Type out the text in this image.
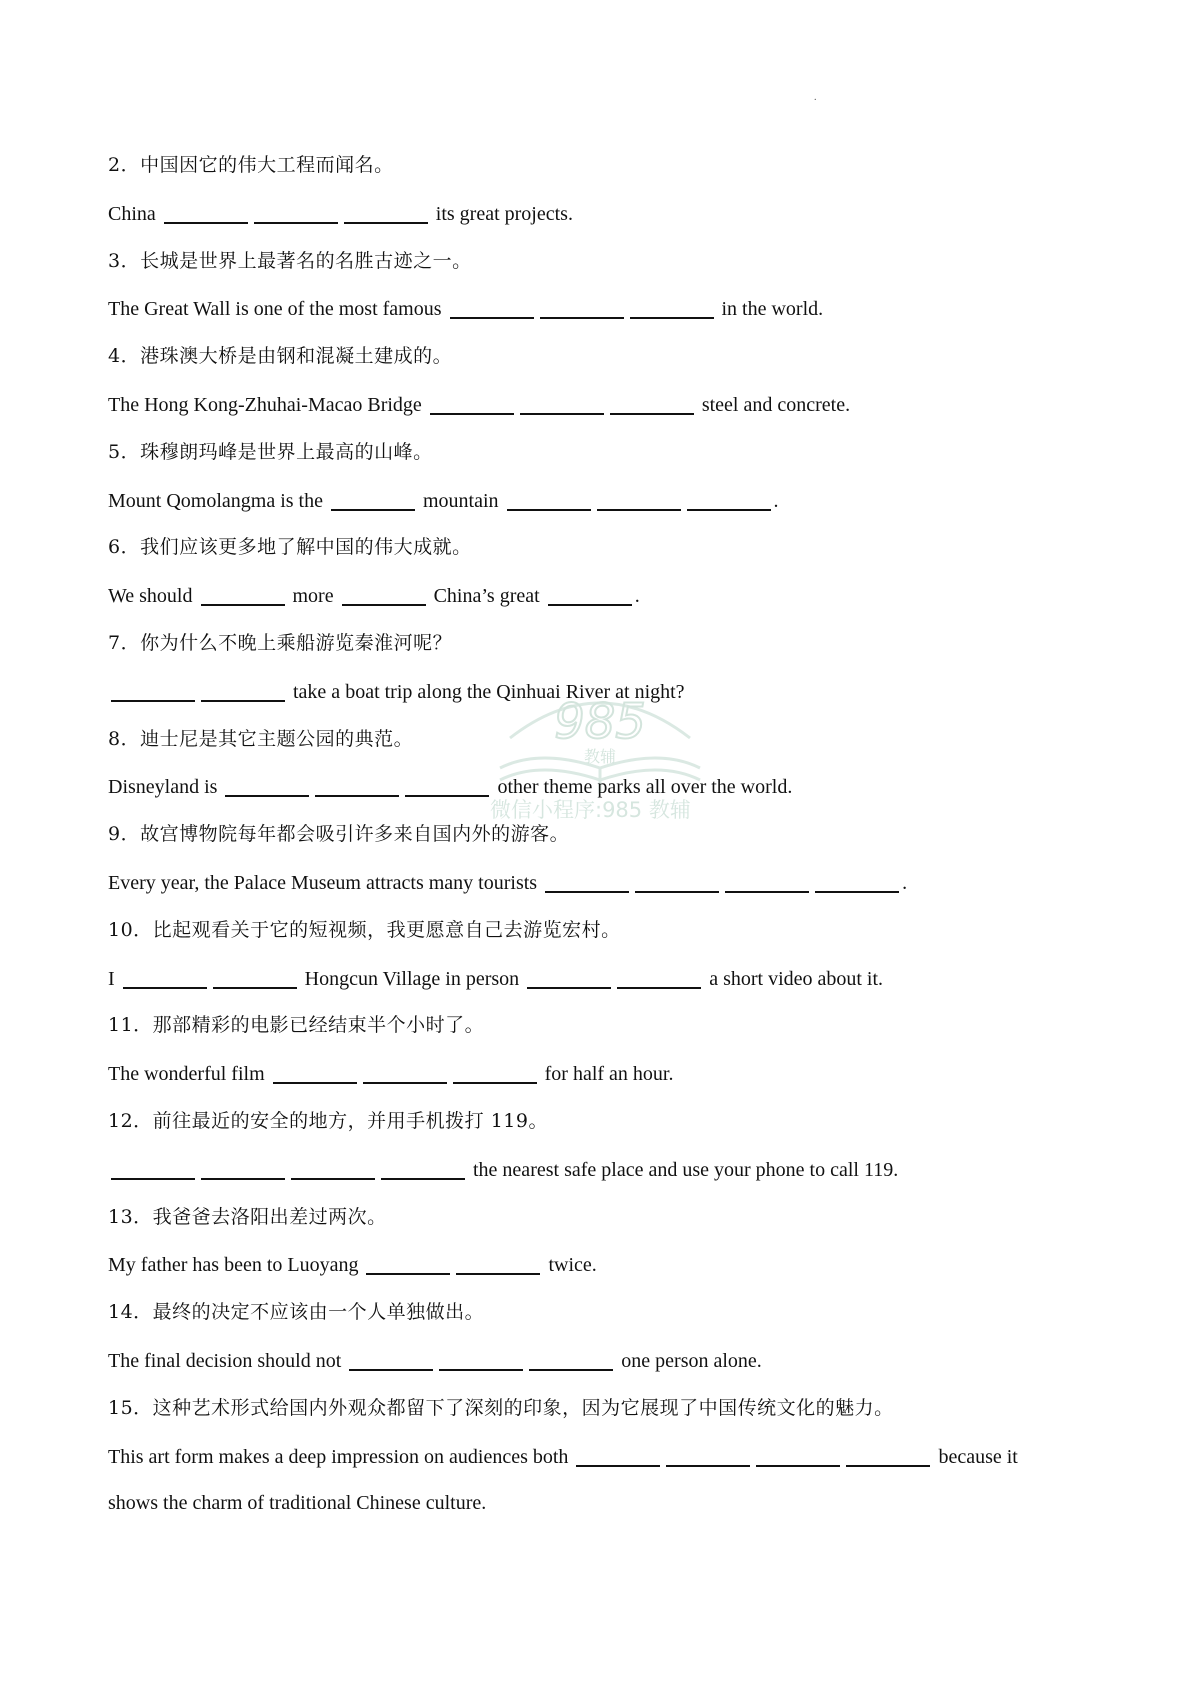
.
985
教辅
微信小程序:985 教辅
2．中国因它的伟大工程而闻名。
China	its great projects.
3．长城是世界上最著名的名胜古迹之一。
The Great Wall is one of the most famous	in the world.
4．港珠澳大桥是由钢和混凝土建成的。
The Hong Kong-Zhuhai-Macao Bridge	steel and concrete.
5．珠穆朗玛峰是世界上最高的山峰。
Mount Qomolangma is the	mountain	.
6．我们应该更多地了解中国的伟大成就。
We should	more	China’s great	.
7．你为什么不晚上乘船游览秦淮河呢？
take a boat trip along the Qinhuai River at night?
8．迪士尼是其它主题公园的典范。
Disneyland is	other theme parks all over the world.
9．故宫博物院每年都会吸引许多来自国内外的游客。
Every year, the Palace Museum attracts many tourists	.
10．比起观看关于它的短视频，我更愿意自己去游览宏村。
I	Hongcun Village in person	a short video about it.
11．那部精彩的电影已经结束半个小时了。
The wonderful film	for half an hour.
12．前往最近的安全的地方，并用手机拨打 119。
the nearest safe place and use your phone to call 119.
13．我爸爸去洛阳出差过两次。
My father has been to Luoyang	twice.
14．最终的决定不应该由一个人单独做出。
The final decision should not	one person alone.
15．这种艺术形式给国内外观众都留下了深刻的印象，因为它展现了中国传统文化的魅力。
This art form makes a deep impression on audiences both	because it
shows the charm of traditional Chinese culture.
